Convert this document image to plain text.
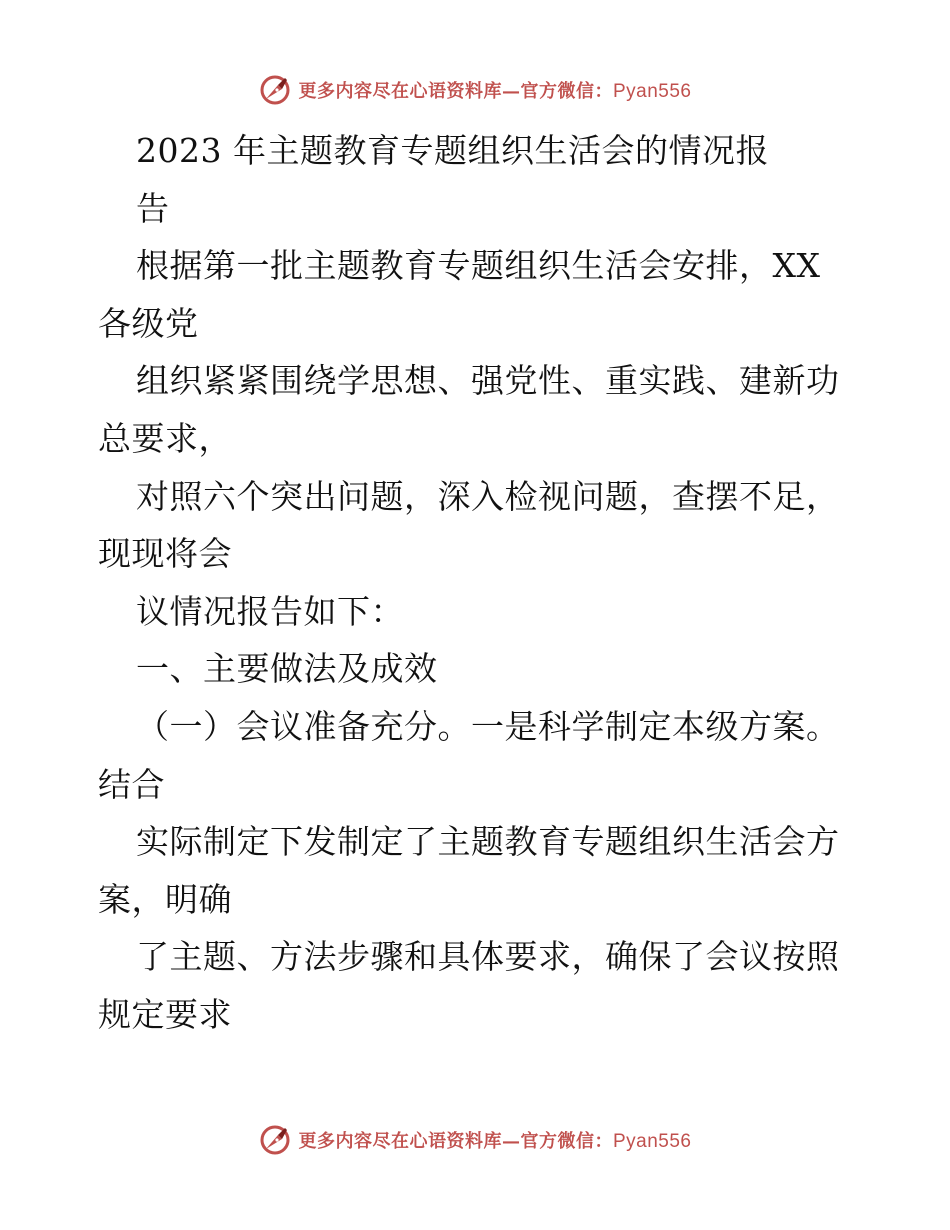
更多内容尽在心语资料库—官方微信：Pyan556
2023 年主题教育专题组织生活会的情况报
告
根据第一批主题教育专题组织生活会安排，XX
各级党
组织紧紧围绕学思想、强党性、重实践、建新功
总要求，
对照六个突出问题，深入检视问题，查摆不足，
现现将会
议情况报告如下：
一、主要做法及成效
（一）会议准备充分。一是科学制定本级方案。
结合
实际制定下发制定了主题教育专题组织生活会方
案，明确
了主题、方法步骤和具体要求，确保了会议按照
规定要求
更多内容尽在心语资料库—官方微信：Pyan556
